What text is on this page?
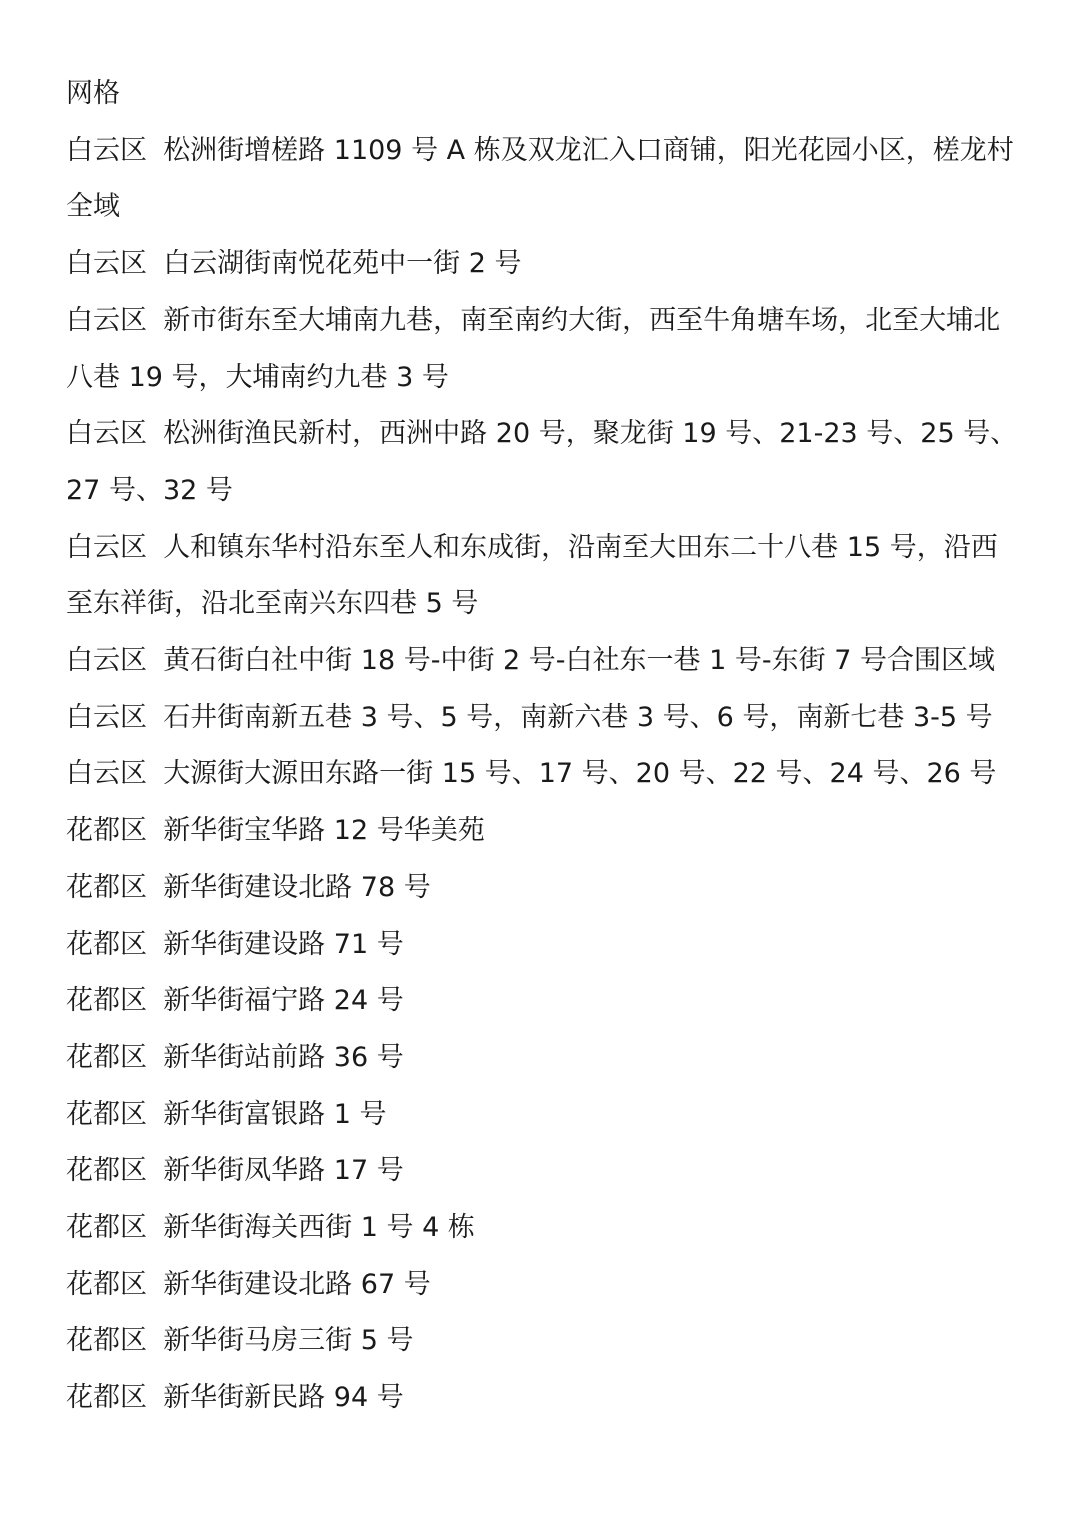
网格
白云区 松洲街增槎路 1109 号 A 栋及双龙汇入口商铺，阳光花园小区，槎龙村全域
白云区 白云湖街南悦花苑中一街 2 号
白云区 新市街东至大埔南九巷，南至南约大街，西至牛角塘车场，北至大埔北八巷 19 号，大埔南约九巷 3 号
白云区 松洲街渔民新村，西洲中路 20 号，聚龙街 19 号、21-23 号、25 号、27 号、32 号
白云区 人和镇东华村沿东至人和东成街，沿南至大田东二十八巷 15 号，沿西至东祥街，沿北至南兴东四巷 5 号
白云区 黄石街白社中街 18 号-中街 2 号-白社东一巷 1 号-东街 7 号合围区域
白云区 石井街南新五巷 3 号、5 号，南新六巷 3 号、6 号，南新七巷 3-5 号
白云区 大源街大源田东路一街 15 号、17 号、20 号、22 号、24 号、26 号
花都区 新华街宝华路 12 号华美苑
花都区 新华街建设北路 78 号
花都区 新华街建设路 71 号
花都区 新华街福宁路 24 号
花都区 新华街站前路 36 号
花都区 新华街富银路 1 号
花都区 新华街凤华路 17 号
花都区 新华街海关西街 1 号 4 栋
花都区 新华街建设北路 67 号
花都区 新华街马房三街 5 号
花都区 新华街新民路 94 号
